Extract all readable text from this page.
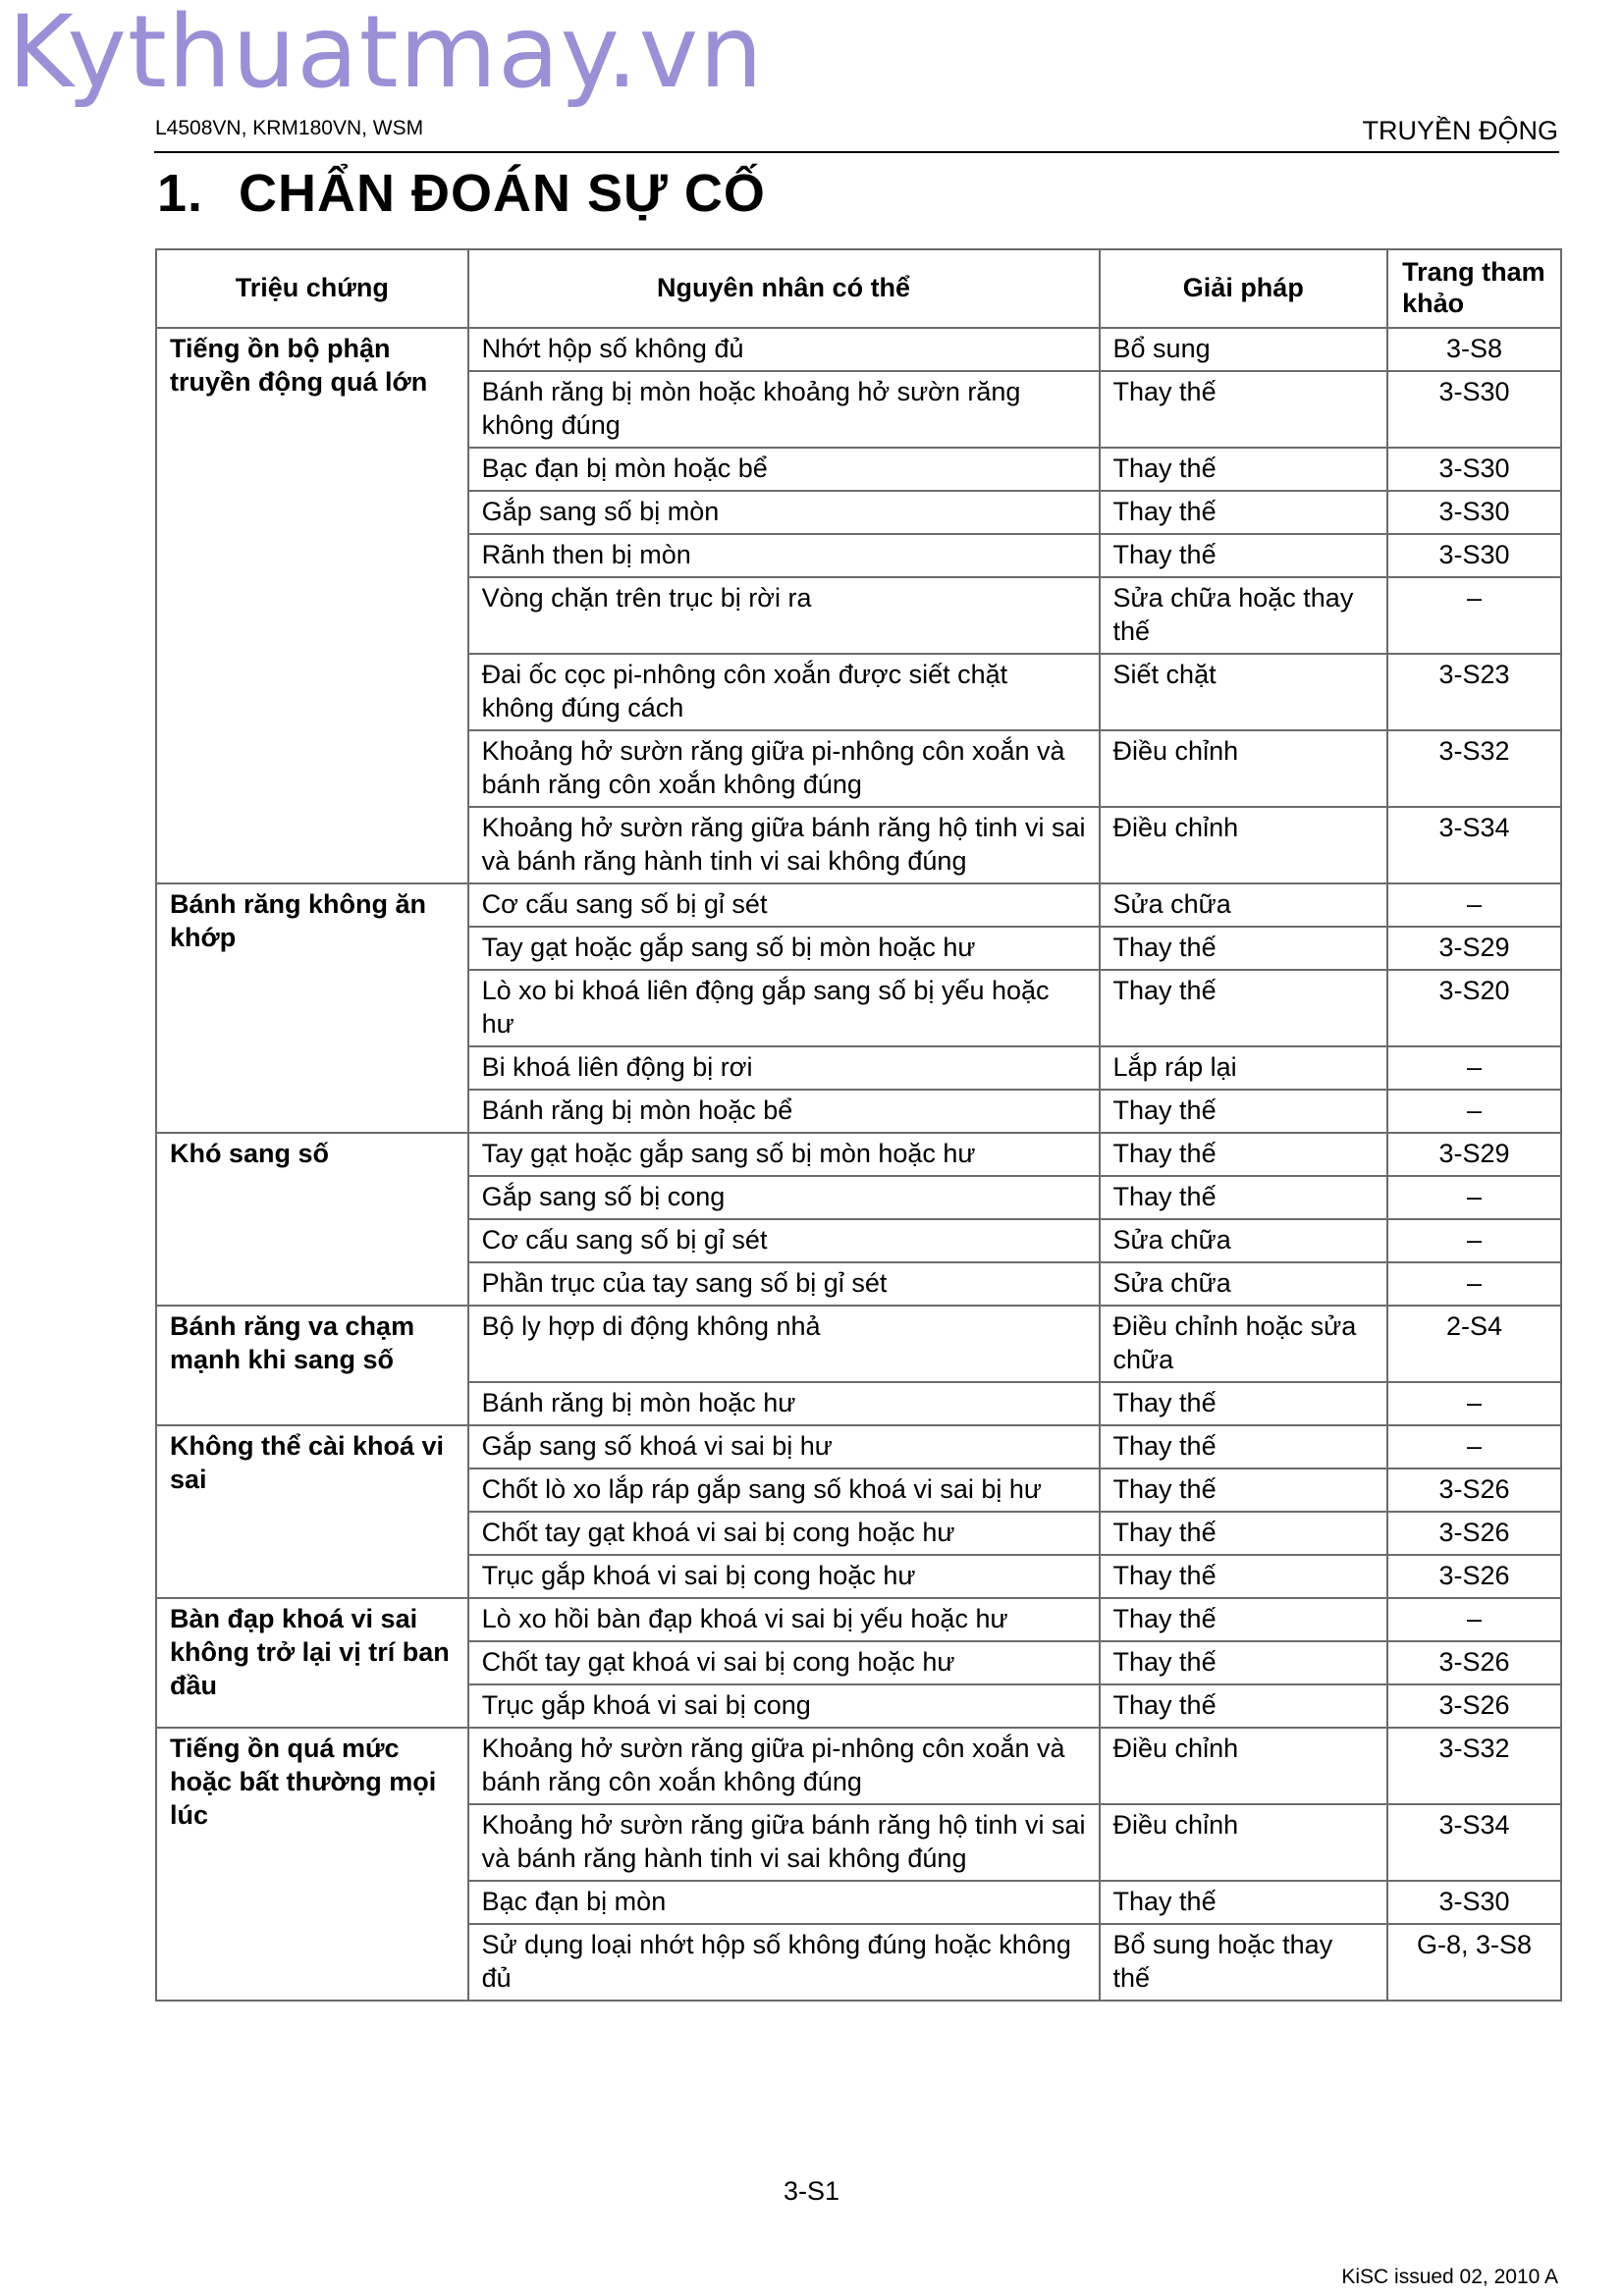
Kythuatmay.vn
L4508VN, KRM180VN, WSM	TRUYỀN ĐỘNG
1. CHẨN ĐOÁN SỰ CỐ
Triệu chứng	Nguyên nhân có thể	Giải pháp	Trang tham khảo
Tiếng ồn bộ phận truyền động quá lớn	Nhớt hộp số không đủ	Bổ sung	3-S8
	Bánh răng bị mòn hoặc khoảng hở sườn răng không đúng	Thay thế	3-S30
	Bạc đạn bị mòn hoặc bể	Thay thế	3-S30
	Gắp sang số bị mòn	Thay thế	3-S30
	Rãnh then bị mòn	Thay thế	3-S30
	Vòng chặn trên trục bị rời ra	Sửa chữa hoặc thay thế	–
	Đai ốc cọc pi-nhông côn xoắn được siết chặt không đúng cách	Siết chặt	3-S23
	Khoảng hở sườn răng giữa pi-nhông côn xoắn và bánh răng côn xoắn không đúng	Điều chỉnh	3-S32
	Khoảng hở sườn răng giữa bánh răng hộ tinh vi sai và bánh răng hành tinh vi sai không đúng	Điều chỉnh	3-S34
Bánh răng không ăn khớp	Cơ cấu sang số bị gỉ sét	Sửa chữa	–
	Tay gạt hoặc gắp sang số bị mòn hoặc hư	Thay thế	3-S29
	Lò xo bi khoá liên động gắp sang số bị yếu hoặc hư	Thay thế	3-S20
	Bi khoá liên động bị rơi	Lắp ráp lại	–
	Bánh răng bị mòn hoặc bể	Thay thế	–
Khó sang số	Tay gạt hoặc gắp sang số bị mòn hoặc hư	Thay thế	3-S29
	Gắp sang số bị cong	Thay thế	–
	Cơ cấu sang số bị gỉ sét	Sửa chữa	–
	Phần trục của tay sang số bị gỉ sét	Sửa chữa	–
Bánh răng va chạm mạnh khi sang số	Bộ ly hợp di động không nhả	Điều chỉnh hoặc sửa chữa	2-S4
	Bánh răng bị mòn hoặc hư	Thay thế	–
Không thể cài khoá vi sai	Gắp sang số khoá vi sai bị hư	Thay thế	–
	Chốt lò xo lắp ráp gắp sang số khoá vi sai bị hư	Thay thế	3-S26
	Chốt tay gạt khoá vi sai bị cong hoặc hư	Thay thế	3-S26
	Trục gắp khoá vi sai bị cong hoặc hư	Thay thế	3-S26
Bàn đạp khoá vi sai không trở lại vị trí ban đầu	Lò xo hồi bàn đạp khoá vi sai bị yếu hoặc hư	Thay thế	–
	Chốt tay gạt khoá vi sai bị cong hoặc hư	Thay thế	3-S26
	Trục gắp khoá vi sai bị cong	Thay thế	3-S26
Tiếng ồn quá mức hoặc bất thường mọi lúc	Khoảng hở sườn răng giữa pi-nhông côn xoắn và bánh răng côn xoắn không đúng	Điều chỉnh	3-S32
	Khoảng hở sườn răng giữa bánh răng hộ tinh vi sai và bánh răng hành tinh vi sai không đúng	Điều chỉnh	3-S34
	Bạc đạn bị mòn	Thay thế	3-S30
	Sử dụng loại nhớt hộp số không đúng hoặc không đủ	Bổ sung hoặc thay thế	G-8, 3-S8
3-S1
KiSC issued 02, 2010 A
